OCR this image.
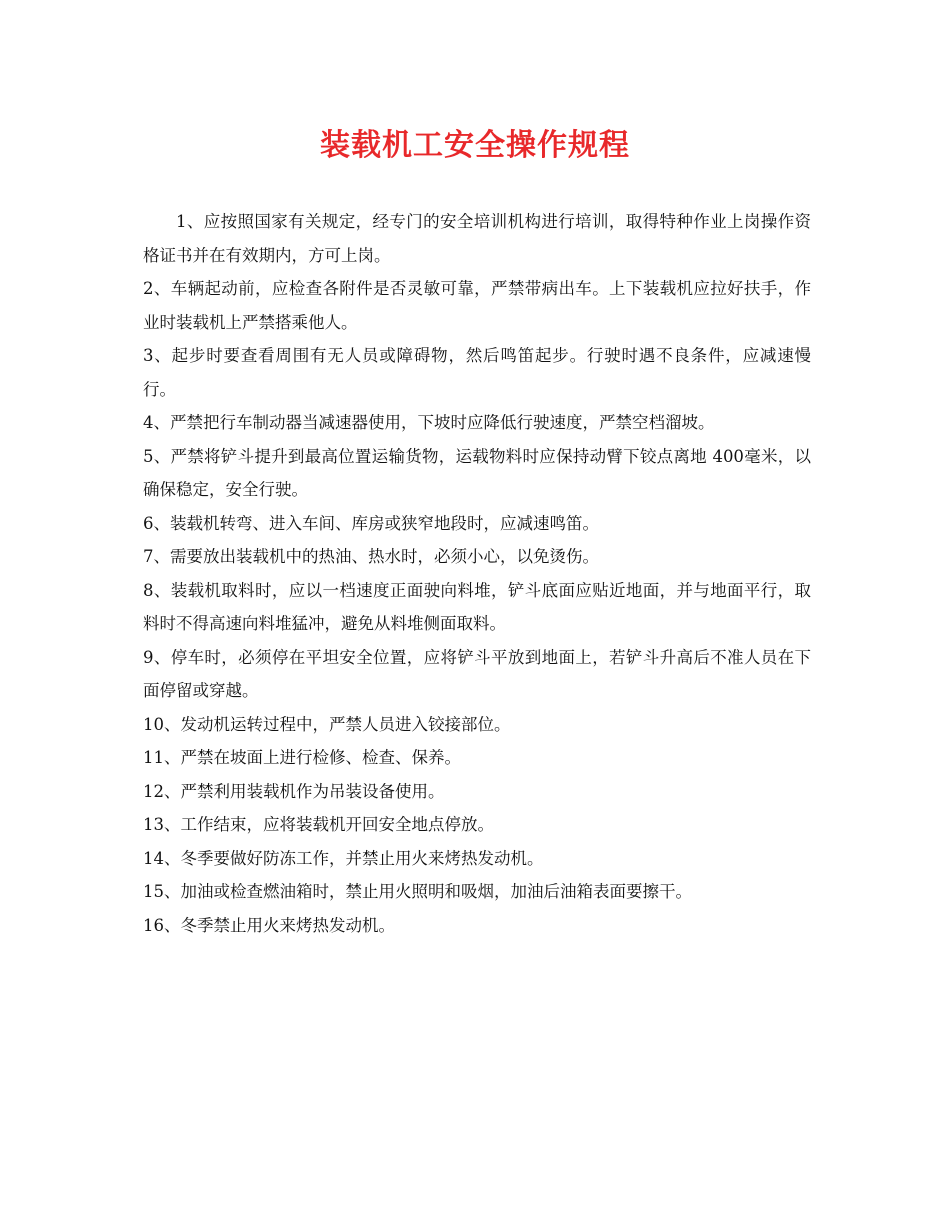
装载机工安全操作规程

1、应按照国家有关规定，经专门的安全培训机构进行培训，取得特种作业上岗操作资格证书并在有效期内，方可上岗。

2、车辆起动前，应检查各附件是否灵敏可靠，严禁带病出车。上下装载机应拉好扶手，作业时装载机上严禁搭乘他人。

3、起步时要查看周围有无人员或障碍物，然后鸣笛起步。行驶时遇不良条件，应减速慢行。

4、严禁把行车制动器当减速器使用，下坡时应降低行驶速度，严禁空档溜坡。

5、严禁将铲斗提升到最高位置运输货物，运载物料时应保持动臂下铰点离地 400毫米，以确保稳定，安全行驶。

6、装载机转弯、进入车间、库房或狭窄地段时，应减速鸣笛。

7、需要放出装载机中的热油、热水时，必须小心，以免烫伤。

8、装载机取料时，应以一档速度正面驶向料堆，铲斗底面应贴近地面，并与地面平行，取料时不得高速向料堆猛冲，避免从料堆侧面取料。

9、停车时，必须停在平坦安全位置，应将铲斗平放到地面上，若铲斗升高后不准人员在下面停留或穿越。

10、发动机运转过程中，严禁人员进入铰接部位。

11、严禁在坡面上进行检修、检查、保养。

12、严禁利用装载机作为吊装设备使用。

13、工作结束，应将装载机开回安全地点停放。

14、冬季要做好防冻工作，并禁止用火来烤热发动机。

15、加油或检查燃油箱时，禁止用火照明和吸烟，加油后油箱表面要擦干。

16、冬季禁止用火来烤热发动机。
